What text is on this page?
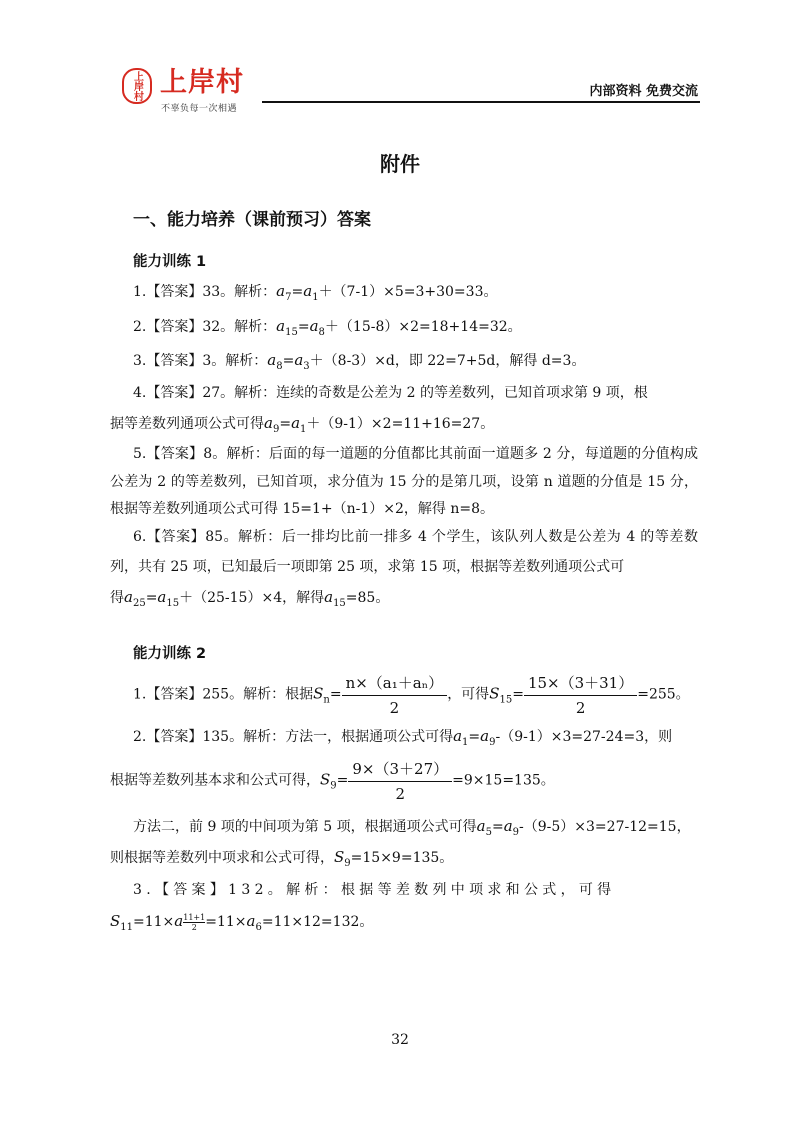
上岸村 上岸村
不辜负每一次相遇
内部资料 免费交流
附件
一、能力培养（课前预习）答案
能力训练 1
1.【答案】33。解析：$a_7=a_1+(7-1)\times 5=3+30=33$。
2.【答案】32。解析：$a_{15}=a_8+(15-8)\times 2=18+14=32$。
3.【答案】3。解析：$a_8=a_3+(8-3)\times d$，即 22=7+5d，解得 d=3。
4.【答案】27。解析：连续的奇数是公差为 2 的等差数列，已知首项求第 9 项，根
据等差数列通项公式可得$a_9=a_1+(9-1)\times 2=11+16=27$。
5.【答案】8。解析：后面的每一道题的分值都比其前面一道题多 2 分，每道题的分值构成公差为 2 的等差数列，已知首项，求分值为 15 分的是第几项，设第 n 道题的分值是 15 分，根据等差数列通项公式可得 15=1+（n-1）×2，解得 n=8。
6.【答案】85。解析：后一排均比前一排多 4 个学生，该队列人数是公差为 4 的等差数列，共有 25 项，已知最后一项即第 25 项，求第 15 项，根据等差数列通项公式可
得$a_{25}=a_{15}+(25-15)\times 4$，解得$a_{15}=85$。
能力训练 2
1.【答案】255。解析：根据$S_n= \frac{\text{n×（a₁＋aₙ）}}{2}$ ，可得$S_{15}= \frac{15\times(3+31)}{2} =255$。
2.【答案】135。解析：方法一，根据通项公式可得$a_1=a_9-(9-1)\times 3=27-24=3$，则
根据等差数列基本求和公式可得，$S_9= \frac{9\times(3+27)}{2} =9\times 15=135$。
方法二，前 9 项的中间项为第 5 项，根据通项公式可得$a_5=a_9-(9-5)\times 3=27-12=15$，
则根据等差数列中项求和公式可得，$S_9=15\times 9=135$。
3.【答案】132。解析：根据等差数列中项求和公式，可得
$S_{11}=11\times a$ $_{\frac{11+1}{2}} =11\times a_6=11\times 12=132$。
32
